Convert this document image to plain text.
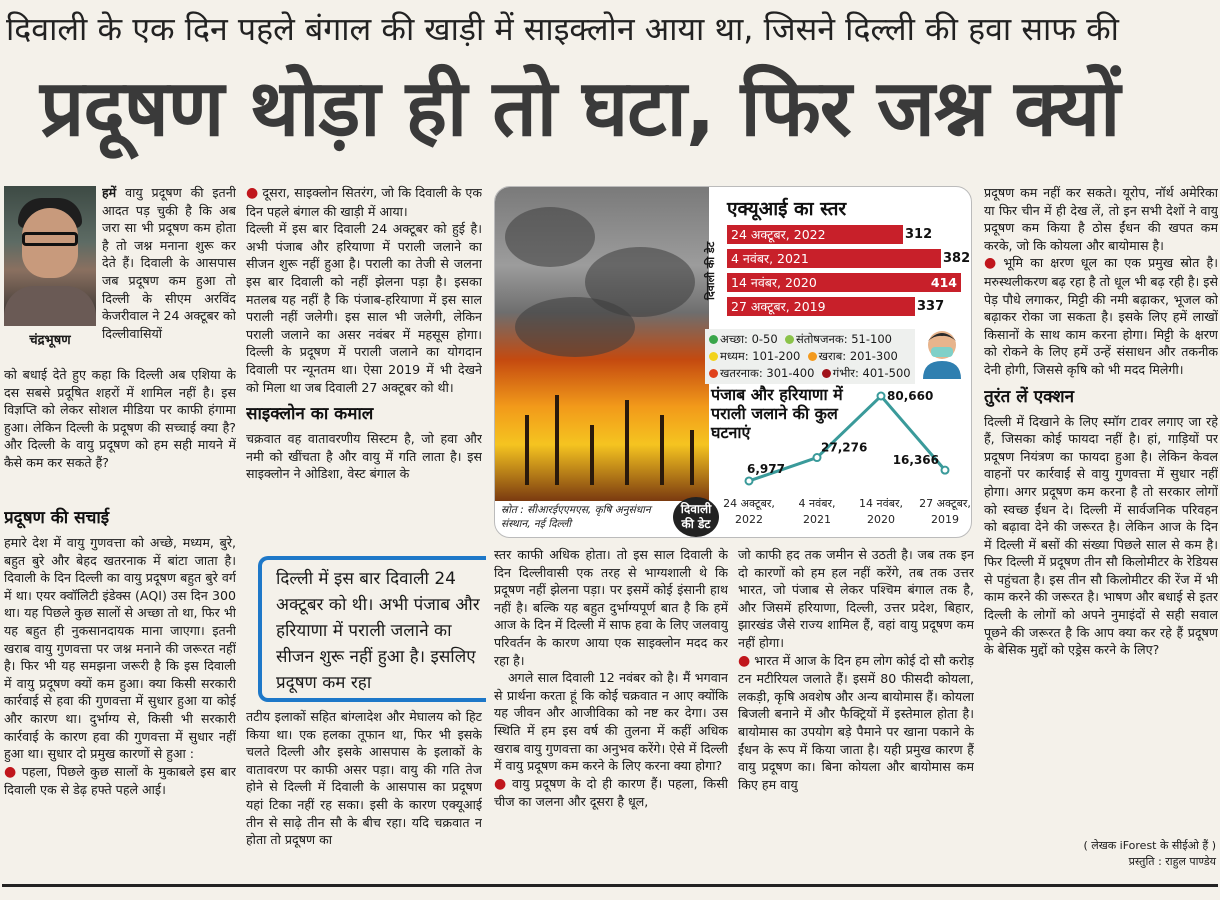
दिवाली के एक दिन पहले बंगाल की खाड़ी में साइक्लोन आया था, जिसने दिल्ली की हवा साफ की
प्रदूषण थोड़ा ही तो घटा, फिर जश्न क्यों
चंद्रभूषण
हमें वायु प्रदूषण की इतनी आदत पड़ चुकी है कि अब जरा सा भी प्रदूषण कम होता है तो जश्न मनाना शुरू कर देते हैं। दिवाली के आसपास जब प्रदूषण कम हुआ तो दिल्ली के सीएम अरविंद केजरीवाल ने 24 अक्टूबर को दिल्लीवासियों
को बधाई देते हुए कहा कि दिल्ली अब एशिया के दस सबसे प्रदूषित शहरों में शामिल नहीं है। इस विज्ञप्ति को लेकर सोशल मीडिया पर काफी हंगामा हुआ। लेकिन दिल्ली के प्रदूषण की सच्चाई क्या है? और दिल्ली के वायु प्रदूषण को हम सही मायने में कैसे कम कर सकते हैं?
प्रदूषण की सचाई

हमारे देश में वायु गुणवत्ता को अच्छे, मध्यम, बुरे, बहुत बुरे और बेहद खतरनाक में बांटा जाता है। दिवाली के दिन दिल्ली का वायु प्रदूषण बहुत बुरे वर्ग में था। एयर क्वॉलिटी इंडेक्स (AQI) उस दिन 300 था। यह पिछले कुछ सालों से अच्छा तो था, फिर भी यह बहुत ही नुकसानदायक माना जाएगा। इतनी खराब वायु गुणवत्ता पर जश्न मनाने की जरूरत नहीं है। फिर भी यह समझना जरूरी है कि इस दिवाली में वायु प्रदूषण क्यों कम हुआ। क्या किसी सरकारी कार्रवाई से हवा की गुणवत्ता में सुधार हुआ या कोई और कारण था। दुर्भाग्य से, किसी भी सरकारी कार्रवाई के कारण हवा की गुणवत्ता में सुधार नहीं हुआ था। सुधार दो प्रमुख कारणों से हुआ :

● पहला, पिछले कुछ सालों के मुकाबले इस बार दिवाली एक से डेढ़ हफ्ते पहले आई।

● दूसरा, साइक्लोन सितरंग, जो कि दिवाली के एक दिन पहले बंगाल की खाड़ी में आया।

दिल्ली में इस बार दिवाली 24 अक्टूबर को हुई है। अभी पंजाब और हरियाणा में पराली जलाने का सीजन शुरू नहीं हुआ है। पराली का तेजी से जलना इस बार दिवाली को नहीं झेलना पड़ा है। इसका मतलब यह नहीं है कि पंजाब-हरियाणा में इस साल पराली नहीं जलेगी। इस साल भी जलेगी, लेकिन पराली जलाने का असर नवंबर में महसूस होगा। दिल्ली के प्रदूषण में पराली जलाने का योगदान दिवाली पर न्यूनतम था। ऐसा 2019 में भी देखने को मिला था जब दिवाली 27 अक्टूबर को थी।

साइक्लोन का कमाल

चक्रवात वह वातावरणीय सिस्टम है, जो हवा और नमी को खींचता है और वायु में गति लाता है। इस साइक्लोन ने ओडिशा, वेस्ट बंगाल के

दिल्ली में इस बार दिवाली 24 अक्टूबर को थी। अभी पंजाब और हरियाणा में पराली जलाने का सीजन शुरू नहीं हुआ है। इसलिए प्रदूषण कम रहा
तटीय इलाकों सहित बांग्लादेश और मेघालय को हिट किया था। एक हलका तूफान था, फिर भी इसके चलते दिल्ली और इसके आसपास के इलाकों के वातावरण पर काफी असर पड़ा। वायु की गति तेज होने से दिल्ली में दिवाली के आसपास का प्रदूषण यहां टिका नहीं रह सका। इसी के कारण एक्यूआई तीन से साढ़े तीन सौ के बीच रहा। यदि चक्रवात न होता तो प्रदूषण का
स्रोत : सीआरईएएमएस, कृषि अनुसंधान संस्थान, नई दिल्ली
दिवाली की डेट
एक्यूआई का स्तर
दिवाली की डेट
24 अक्टूबर, 2022	312
4 नवंबर, 2021	382
14 नवंबर, 2020	414
27 अक्टूबर, 2019	337
अच्छा: 0-50 संतोषजनक: 51-100
मध्यम: 101-200 खराब: 201-300
खतरनाक: 301-400 गंभीर: 401-500
पंजाब और हरियाणा में पराली जलाने की कुल घटनाएं
6,977
27,276
80,660
16,366
24 अक्टूबर,
2022
4 नवंबर,
2021
14 नवंबर,
2020
27 अक्टूबर,
2019

स्तर काफी अधिक होता। तो इस साल दिवाली के दिन दिल्लीवासी एक तरह से भाग्यशाली थे कि प्रदूषण नहीं झेलना पड़ा। पर इसमें कोई इंसानी हाथ नहीं है। बल्कि यह बहुत दुर्भाग्यपूर्ण बात है कि हमें आज के दिन में दिल्ली में साफ हवा के लिए जलवायु परिवर्तन के कारण आया एक साइक्लोन मदद कर रहा है।

अगले साल दिवाली 12 नवंबर को है। मैं भगवान से प्रार्थना करता हूं कि कोई चक्रवात न आए क्योंकि यह जीवन और आजीविका को नष्ट कर देगा। उस स्थिति में हम इस वर्ष की तुलना में कहीं अधिक खराब वायु गुणवत्ता का अनुभव करेंगे। ऐसे में दिल्ली में वायु प्रदूषण कम करने के लिए करना क्या होगा?

● वायु प्रदूषण के दो ही कारण हैं। पहला, किसी चीज का जलना और दूसरा है धूल,

जो काफी हद तक जमीन से उठती है। जब तक इन दो कारणों को हम हल नहीं करेंगे, तब तक उत्तर भारत, जो पंजाब से लेकर पश्चिम बंगाल तक है, और जिसमें हरियाणा, दिल्ली, उत्तर प्रदेश, बिहार, झारखंड जैसे राज्य शामिल हैं, वहां वायु प्रदूषण कम नहीं होगा।

● भारत में आज के दिन हम लोग कोई दो सौ करोड़ टन मटीरियल जलाते हैं। इसमें 80 फीसदी कोयला, लकड़ी, कृषि अवशेष और अन्य बायोमास हैं। कोयला बिजली बनाने में और फैक्ट्रियों में इस्तेमाल होता है। बायोमास का उपयोग बड़े पैमाने पर खाना पकाने के ईंधन के रूप में किया जाता है। यही प्रमुख कारण हैं वायु प्रदूषण का। बिना कोयला और बायोमास कम किए हम वायु

प्रदूषण कम नहीं कर सकते। यूरोप, नॉर्थ अमेरिका या फिर चीन में ही देख लें, तो इन सभी देशों ने वायु प्रदूषण कम किया है ठोस ईंधन की खपत कम करके, जो कि कोयला और बायोमास है।

● भूमि का क्षरण धूल का एक प्रमुख स्रोत है। मरुस्थलीकरण बढ़ रहा है तो धूल भी बढ़ रही है। इसे पेड़ पौधे लगाकर, मिट्टी की नमी बढ़ाकर, भूजल को बढ़ाकर रोका जा सकता है। इसके लिए हमें लाखों किसानों के साथ काम करना होगा। मिट्टी के क्षरण को रोकने के लिए हमें उन्हें संसाधन और तकनीक देनी होगी, जिससे कृषि को भी मदद मिलेगी।

तुरंत लें एक्शन

दिल्ली में दिखाने के लिए स्मॉग टावर लगाए जा रहे हैं, जिसका कोई फायदा नहीं है। हां, गाड़ियों पर प्रदूषण नियंत्रण का फायदा हुआ है। लेकिन केवल वाहनों पर कार्रवाई से वायु गुणवत्ता में सुधार नहीं होगा। अगर प्रदूषण कम करना है तो सरकार लोगों को स्वच्छ ईंधन दे। दिल्ली में सार्वजनिक परिवहन को बढ़ावा देने की जरूरत है। लेकिन आज के दिन में दिल्ली में बसों की संख्या पिछले साल से कम है। फिर दिल्ली में प्रदूषण तीन सौ किलोमीटर के रेडियस से पहुंचता है। इस तीन सौ किलोमीटर की रेंज में भी काम करने की जरूरत है। भाषण और बधाई से इतर दिल्ली के लोगों को अपने नुमाइंदों से सही सवाल पूछने की जरूरत है कि आप क्या कर रहे हैं प्रदूषण के बेसिक मुद्दों को एड्रेस करने के लिए?

( लेखक iForest के सीईओ हैं )
प्रस्तुति : राहुल पाण्डेय
